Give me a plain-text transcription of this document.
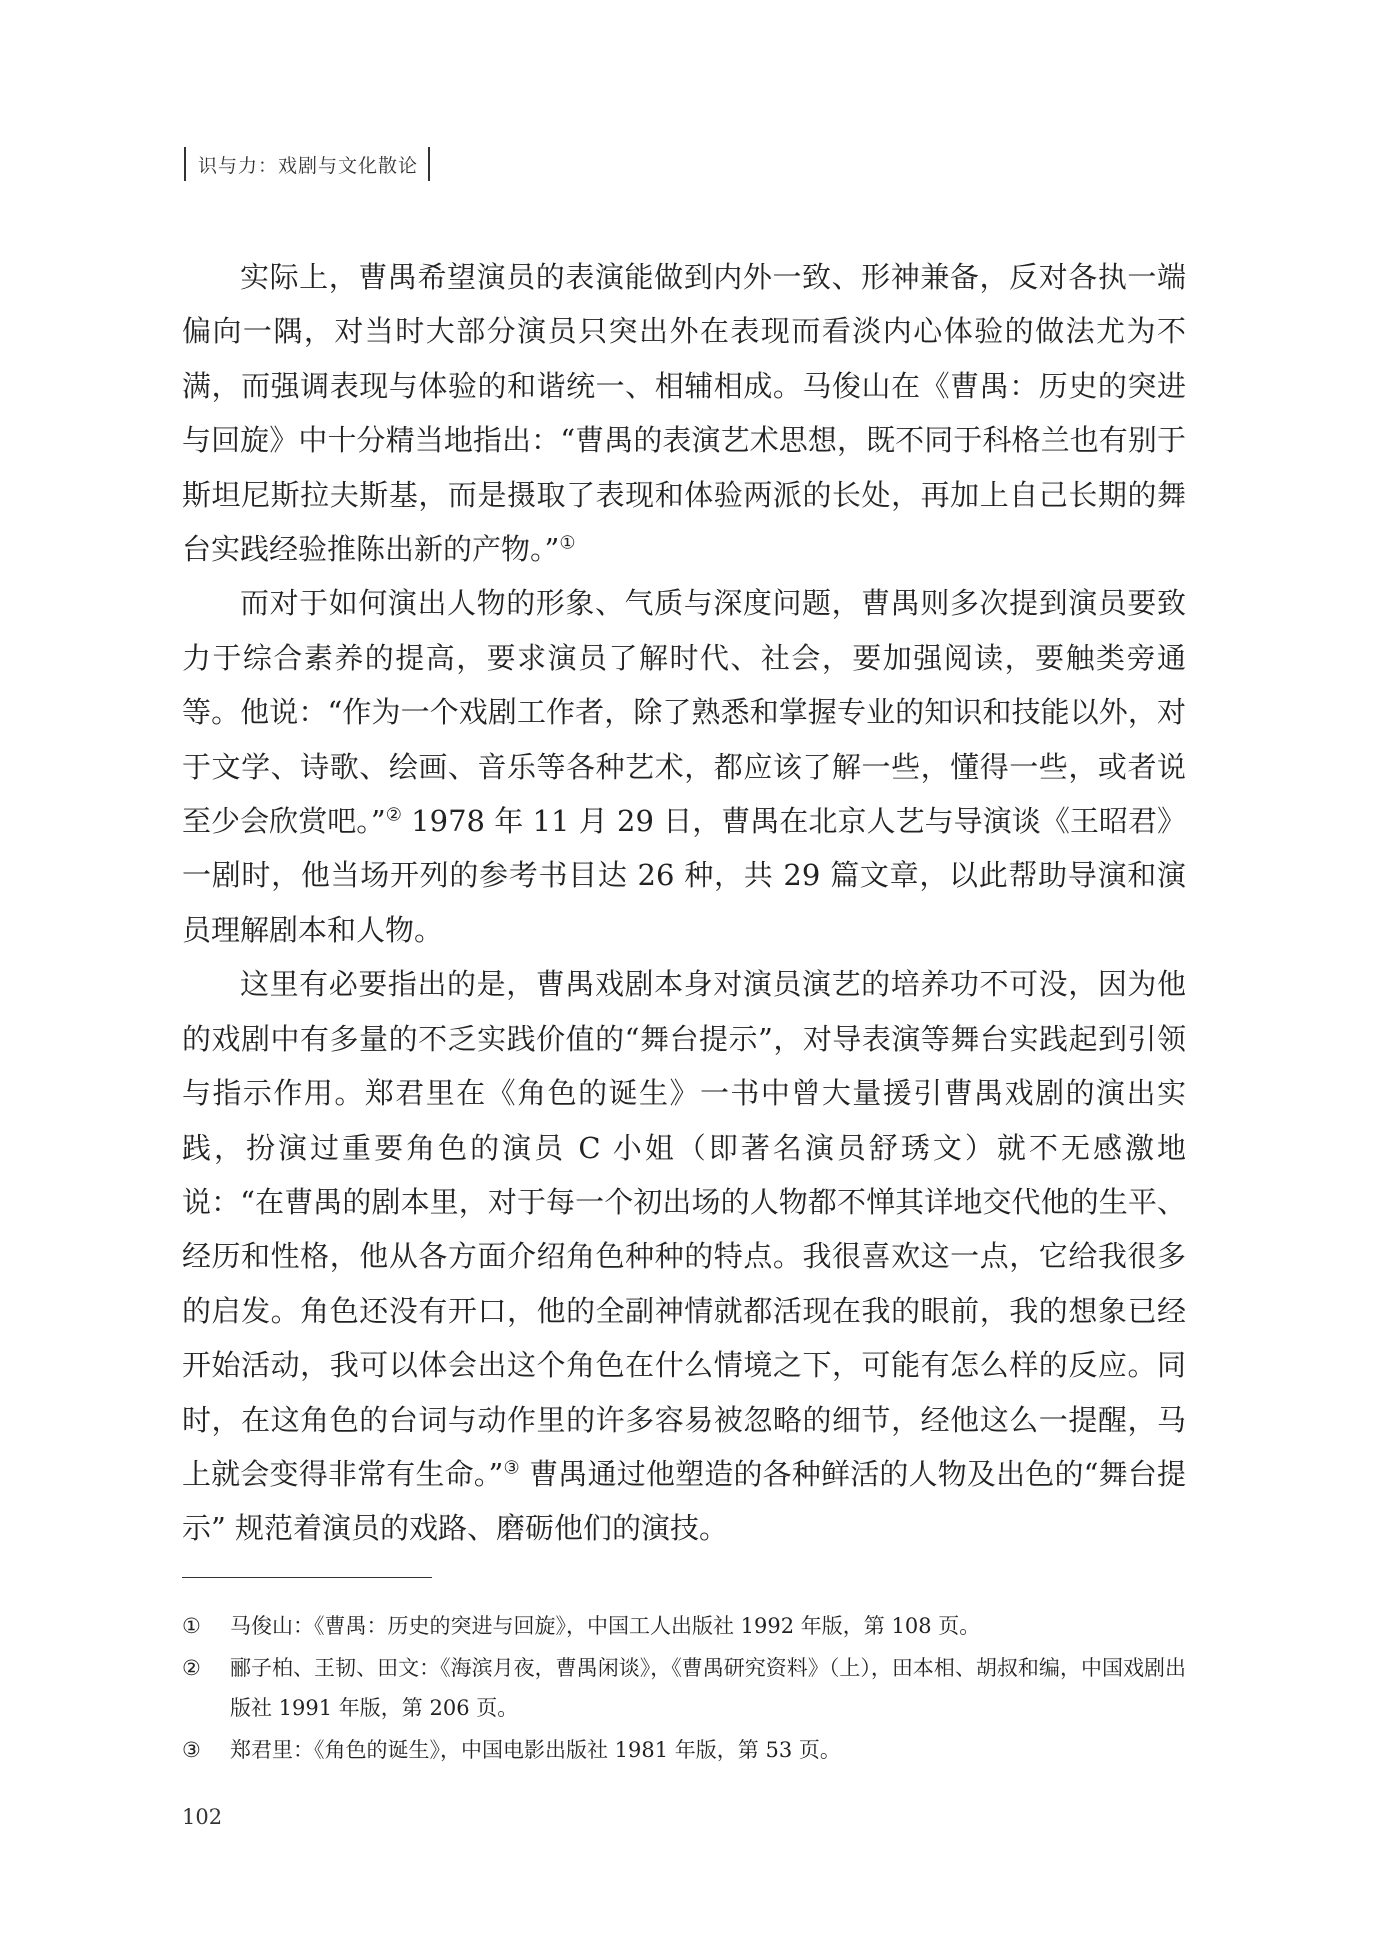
识与力：戏剧与文化散论

实际上，曹禺希望演员的表演能做到内外一致、形神兼备，反对各执一端偏向一隅，对当时大部分演员只突出外在表现而看淡内心体验的做法尤为不满，而强调表现与体验的和谐统一、相辅相成。马俊山在《曹禺：历史的突进与回旋》中十分精当地指出：“曹禺的表演艺术思想，既不同于科格兰也有别于斯坦尼斯拉夫斯基，而是摄取了表现和体验两派的长处，再加上自己长期的舞台实践经验推陈出新的产物。”①

而对于如何演出人物的形象、气质与深度问题，曹禺则多次提到演员要致力于综合素养的提高，要求演员了解时代、社会，要加强阅读，要触类旁通等。他说：“作为一个戏剧工作者，除了熟悉和掌握专业的知识和技能以外，对于文学、诗歌、绘画、音乐等各种艺术，都应该了解一些，懂得一些，或者说至少会欣赏吧。”② 1978 年 11 月 29 日，曹禺在北京人艺与导演谈《王昭君》一剧时，他当场开列的参考书目达 26 种，共 29 篇文章，以此帮助导演和演员理解剧本和人物。

这里有必要指出的是，曹禺戏剧本身对演员演艺的培养功不可没，因为他的戏剧中有多量的不乏实践价值的“舞台提示”，对导表演等舞台实践起到引领与指示作用。郑君里在《角色的诞生》一书中曾大量援引曹禺戏剧的演出实践，扮演过重要角色的演员 C 小姐（即著名演员舒琇文）就不无感激地说：“在曹禺的剧本里，对于每一个初出场的人物都不惮其详地交代他的生平、经历和性格，他从各方面介绍角色种种的特点。我很喜欢这一点，它给我很多的启发。角色还没有开口，他的全副神情就都活现在我的眼前，我的想象已经开始活动，我可以体会出这个角色在什么情境之下，可能有怎么样的反应。同时，在这角色的台词与动作里的许多容易被忽略的细节，经他这么一提醒，马上就会变得非常有生命。”③ 曹禺通过他塑造的各种鲜活的人物及出色的“舞台提示” 规范着演员的戏路、磨砺他们的演技。

①	马俊山：《曹禺：历史的突进与回旋》，中国工人出版社 1992 年版，第 108 页。
②	郦子柏、王韧、田文：《海滨月夜，曹禺闲谈》，《曹禺研究资料》（上），田本相、胡叔和编，中国戏剧出版社 1991 年版，第 206 页。
③	郑君里：《角色的诞生》，中国电影出版社 1981 年版，第 53 页。
102
